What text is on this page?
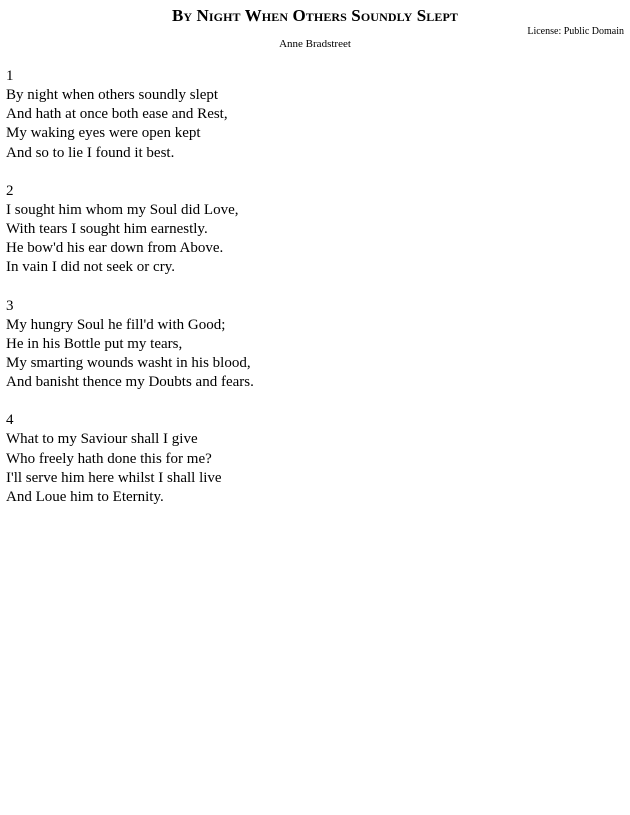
By Night When Others Soundly Slept

License: Public Domain

Anne Bradstreet

1
By night when others soundly slept
And hath at once both ease and Rest,
My waking eyes were open kept
And so to lie I found it best.
2
I sought him whom my Soul did Love,
With tears I sought him earnestly.
He bow'd his ear down from Above.
In vain I did not seek or cry.
3
My hungry Soul he fill'd with Good;
He in his Bottle put my tears,
My smarting wounds washt in his blood,
And banisht thence my Doubts and fears.
4
What to my Saviour shall I give
Who freely hath done this for me?
I'll serve him here whilst I shall live
And Loue him to Eternity.
